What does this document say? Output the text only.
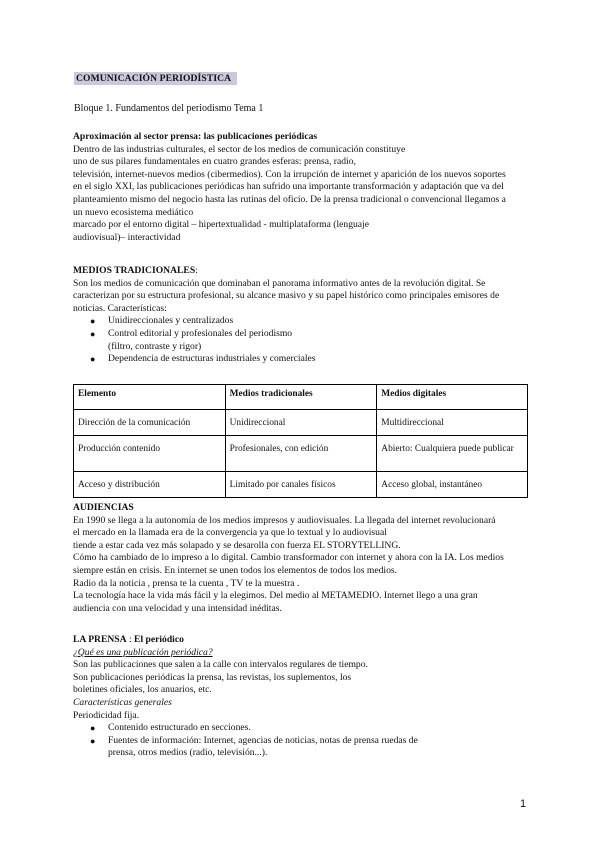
COMUNICACIÓN PERIODÍSTICA
Bloque 1. Fundamentos del periodismo Tema 1
Aproximación al sector prensa: las publicaciones periódicas
Dentro de las industrias culturales, el sector de los medios de comunicación constituye
uno de sus pilares fundamentales en cuatro grandes esferas: prensa, radio,
televisión, internet-nuevos medios (cibermedios). Con la irrupción de internet y aparición de los nuevos soportes
en el siglo XXI, las publicaciones periódicas han sufrido una importante transformación y adaptación que va del
planteamiento mismo del negocio hasta las rutinas del oficio. De la prensa tradicional o convencional llegamos a
un nuevo ecosistema mediático
marcado por el entorno digital – hipertextualidad - multiplataforma (lenguaje
audiovisual)– interactividad
MEDIOS TRADICIONALES:
Son los medios de comunicación que dominaban el panorama informativo antes de la revolución digital. Se
caracterizan por su estructura profesional, su alcance masivo y su papel histórico como principales emisores de
noticias. Características:
● Unidireccionales y centralizados
● Control editorial y profesionales del periodismo
(filtro, contraste y rigor)
● Dependencia de estructuras industriales y comerciales
Elemento	Medios tradicionales	Medios digitales
Dirección de la comunicación	Unidireccional	Multidireccional
Producción contenido	Profesionales, con edición	Abierto: Cualquiera puede publicar
Acceso y distribución	Limitado por canales físicos	Acceso global, instantáneo
AUDIENCIAS
En 1990 se llega a la autonomía de los medios impresos y audiovisuales. La llegada del internet revolucionará
el mercado en la llamada era de la convergencia ya que lo textual y lo audiovisual
tiende a estar cada vez más solapado y se desarolla con fuerza EL STORYTELLING.
Cómo ha cambiado de lo impreso a lo digital. Cambio transformador con internet y ahora con la IA. Los medios
siempre están en crisis. En internet se unen todos los elementos de todos los medios.
Radio da la noticia , prensa te la cuenta , TV te la muestra .
La tecnología hace la vida más fácil y la elegimos. Del medio al METAMEDIO. Internet llego a una gran
audiencia con una velocidad y una intensidad inéditas.
LA PRENSA : El periódico
¿Qué es una publicación periódica?
Son las publicaciones que salen a la calle con intervalos regulares de tiempo.
Son publicaciones periódicas la prensa, las revistas, los suplementos, los
boletines oficiales, los anuarios, etc.
Características generales
Periodicidad fija.
● Contenido estructurado en secciones.
● Fuentes de información: Internet, agencias de noticias, notas de prensa ruedas de
prensa, otros medios (radio, televisión...).
1
